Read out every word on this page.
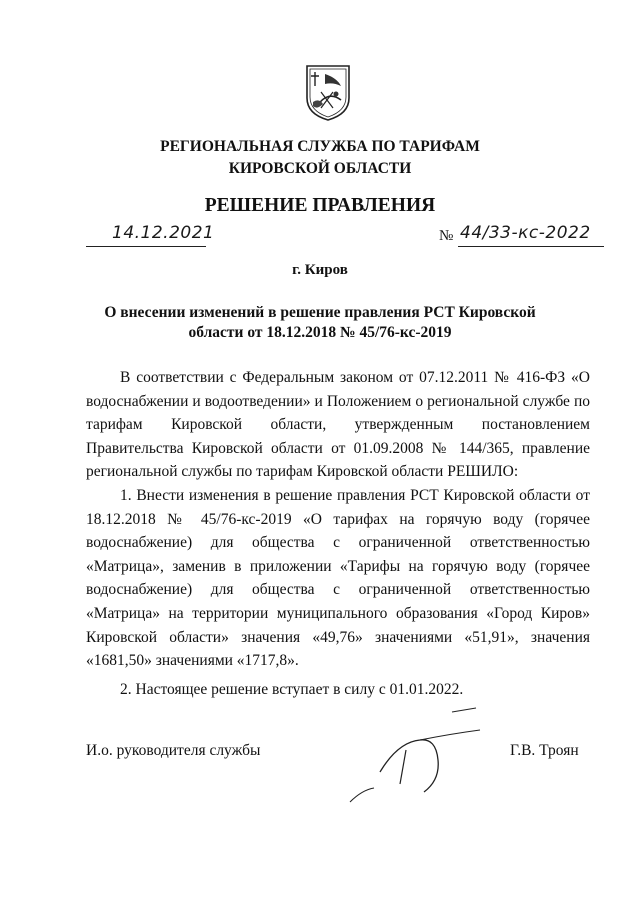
РЕГИОНАЛЬНАЯ СЛУЖБА ПО ТАРИФАМ
КИРОВСКОЙ ОБЛАСТИ
РЕШЕНИЕ ПРАВЛЕНИЯ
14.12.2021	№ 44/33-кс-2022
г. Киров
О внесении изменений в решение правления РСТ Кировской
области от 18.12.2018 № 45/76-кс-2019

В соответствии с Федеральным законом от 07.12.2011 № 416-ФЗ «О водоснабжении и водоотведении» и Положением о региональной службе по тарифам Кировской области, утвержденным постановлением Правительства Кировской области от 01.09.2008 № 144/365, правление региональной службы по тарифам Кировской области РЕШИЛО:

1. Внести изменения в решение правления РСТ Кировской области от 18.12.2018 № 45/76-кс-2019 «О тарифах на горячую воду (горячее водоснабжение) для общества с ограниченной ответственностью «Матрица», заменив в приложении «Тарифы на горячую воду (горячее водоснабжение) для общества с ограниченной ответственностью «Матрица» на территории муниципального образования «Город Киров» Кировской области» значения «49,76» значениями «51,91», значения «1681,50» значениями «1717,8».

2. Настоящее решение вступает в силу с 01.01.2022.

И.о. руководителя службы	Г.В. Троян
